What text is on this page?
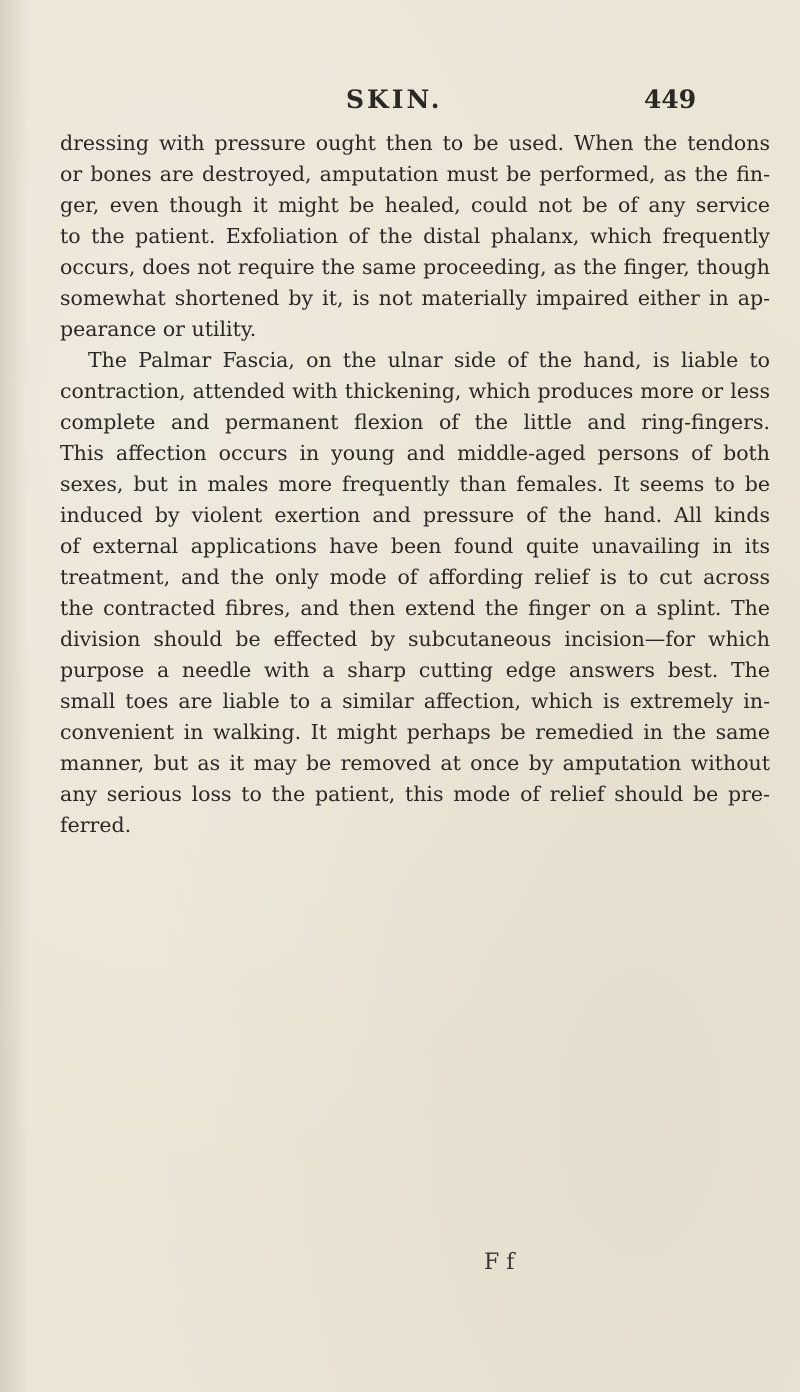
SKIN.	449
dressing with pressure ought then to be used. When the tendons
or bones are destroyed, amputation must be performed, as the fin-
ger, even though it might be healed, could not be of any service
to the patient. Exfoliation of the distal phalanx, which frequently
occurs, does not require the same proceeding, as the finger, though
somewhat shortened by it, is not materially impaired either in ap-
pearance or utility.
The Palmar Fascia, on the ulnar side of the hand, is liable to
contraction, attended with thickening, which produces more or less
complete and permanent flexion of the little and ring-fingers.
This affection occurs in young and middle-aged persons of both
sexes, but in males more frequently than females. It seems to be
induced by violent exertion and pressure of the hand. All kinds
of external applications have been found quite unavailing in its
treatment, and the only mode of affording relief is to cut across
the contracted fibres, and then extend the finger on a splint. The
division should be effected by subcutaneous incision—for which
purpose a needle with a sharp cutting edge answers best. The
small toes are liable to a similar affection, which is extremely in-
convenient in walking. It might perhaps be remedied in the same
manner, but as it may be removed at once by amputation without
any serious loss to the patient, this mode of relief should be pre-
ferred.
F f
